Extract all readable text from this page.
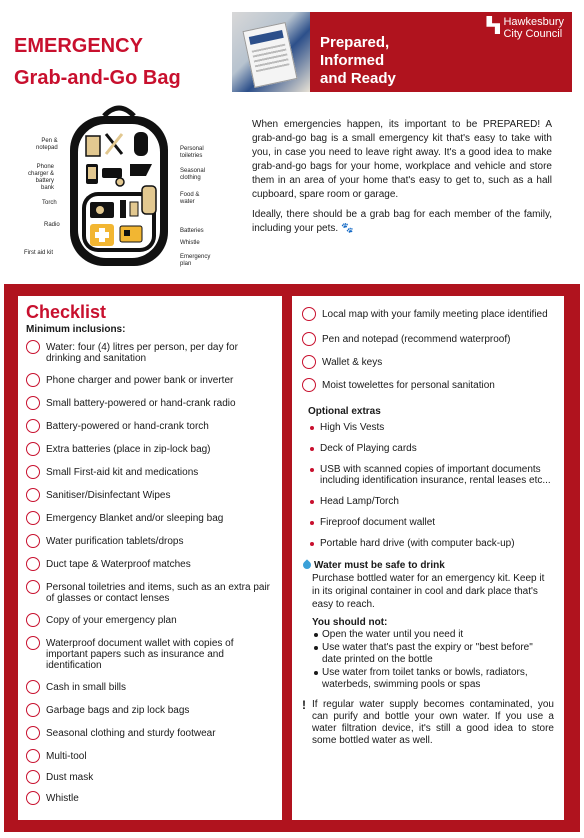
EMERGENCY
Grab-and-Go Bag
Prepared,
Informed
and Ready
Hawkesbury
City Council
Pen &
notepad
Phone
charger &
battery
bank
Torch
Radio
First aid kit
Personal
toiletries
Seasonal
clothing
Food & water
Batteries
Whistle
Emergency
plan

When emergencies happen, its important to be PREPARED! A grab-and-go bag is a small emergency kit that's easy to take with you, in case you need to leave right away. It's a good idea to make grab-and-go bags for your home, workplace and vehicle and store them in an area of your home that's easy to get to, such as a hall cupboard, spare room or garage.

Ideally, there should be a grab bag for each member of the family, including your pets. 🐾

Checklist
Minimum inclusions:
Water: four (4) litres per person, per day for drinking and sanitation
Phone charger and power bank or inverter
Small battery-powered or hand-crank radio
Battery-powered or hand-crank torch
Extra batteries (place in zip-lock bag)
Small First-aid kit and medications
Sanitiser/Disinfectant Wipes
Emergency Blanket and/or sleeping bag
Water purification tablets/drops
Duct tape & Waterproof matches
Personal toiletries and items, such as an extra pair of glasses or contact lenses
Copy of your emergency plan
Waterproof document wallet with copies of important papers such as insurance and identification
Cash in small bills
Garbage bags and zip lock bags
Seasonal clothing and sturdy footwear
Multi-tool
Dust mask
Whistle
Local map with your family meeting place identified
Pen and notepad (recommend waterproof)
Wallet & keys
Moist towelettes for personal sanitation
Optional extras
High Vis Vests
Deck of Playing cards
USB with scanned copies of important documents including identification insurance, rental leases etc...
Head Lamp/Torch
Fireproof document wallet
Portable hard drive (with computer back-up)
Water must be safe to drink
Purchase bottled water for an emergency kit. Keep it in its original container in cool and dark place that's easy to reach.
You should not:
Open the water until you need it
Use water that's past the expiry or "best before" date printed on the bottle
Use water from toilet tanks or bowls, radiators, waterbeds, swimming pools or spas
! If regular water supply becomes contaminated, you can purify and bottle your own water. If you use a water filtration device, it's still a good idea to store some bottled water as well.
